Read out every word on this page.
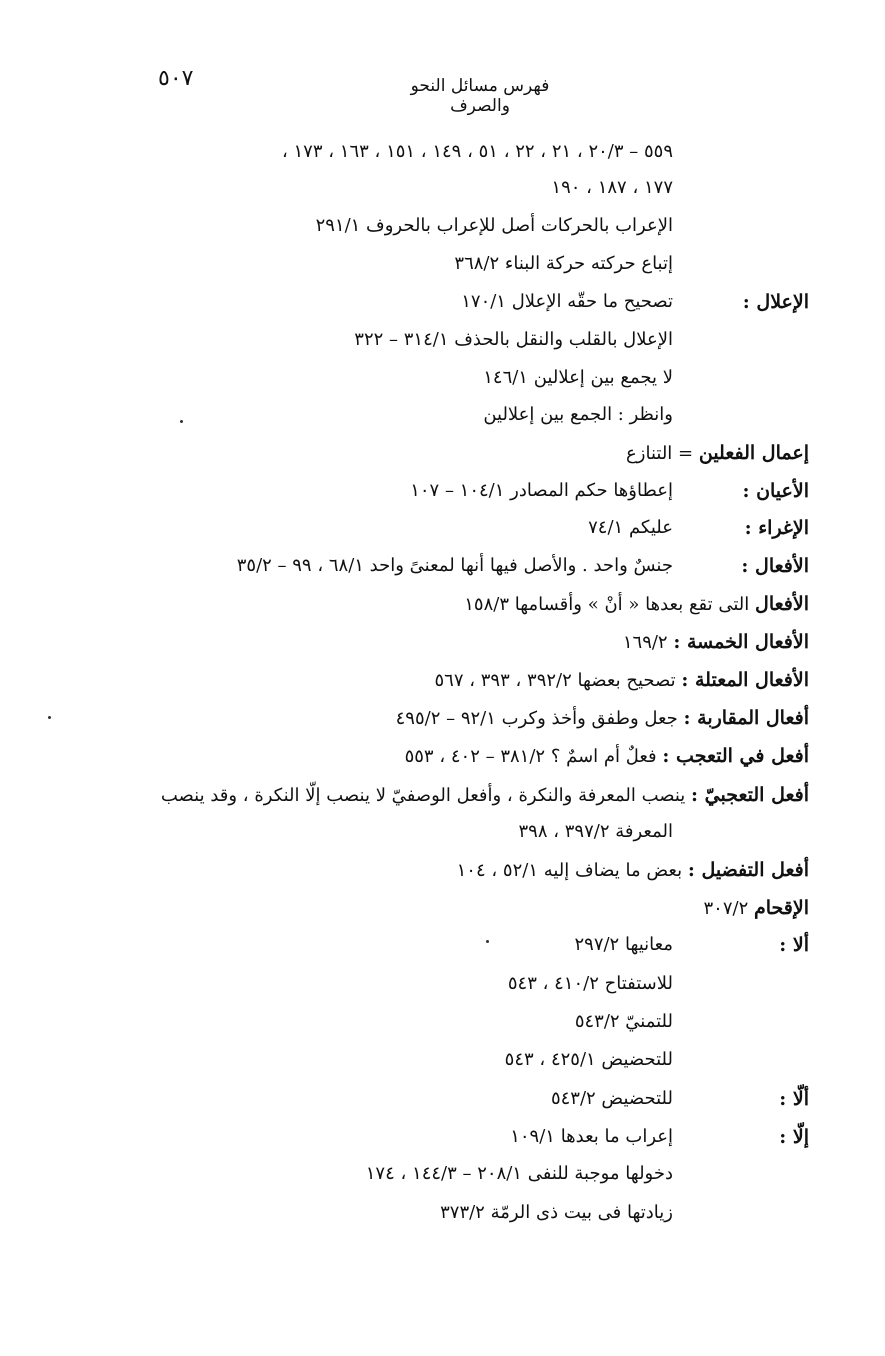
٥٠٧	فهرس مسائل النحو والصرف
٥٥٩ – ٢٠/٣ ، ٢١ ، ٢٢ ، ٥١ ، ١٤٩ ، ١٥١ ، ١٦٣ ، ١٧٣ ،
١٧٧ ، ١٨٧ ، ١٩٠
الإعراب بالحركات أصل للإعراب بالحروف ٢٩١/١
إتباع حركته حركة البناء ٣٦٨/٢
الإعلال :
تصحيح ما حقّه الإعلال ١٧٠/١
الإعلال بالقلب والنقل بالحذف ٣١٤/١ – ٣٢٢
لا يجمع بين إعلالين ١٤٦/١
وانظر : الجمع بين إعلالين
إعمال الفعلين = التنازع
الأعيان :
إعطاؤها حكم المصادر ١٠٤/١ – ١٠٧
الإغراء :
عليكم ٧٤/١
الأفعال :
جنسٌ واحد . والأصل فيها أنها لمعنىً واحد ٦٨/١ ، ٩٩ – ٣٥/٢
الأفعال التى تقع بعدها « أنْ » وأقسامها ١٥٨/٣
الأفعال الخمسة : ١٦٩/٢
الأفعال المعتلة : تصحيح بعضها ٣٩٢/٢ ، ٣٩٣ ، ٥٦٧
أفعال المقاربة : جعل وطفق وأخذ وكرب ٩٢/١ – ٤٩٥/٢
أفعل في التعجب : فعلٌ أم اسمٌ ؟ ٣٨١/٢ – ٤٠٢ ، ٥٥٣
أفعل التعجبيّ : ينصب المعرفة والنكرة ، وأفعل الوصفيّ لا ينصب إلّا النكرة ، وقد ينصب
المعرفة ٣٩٧/٢ ، ٣٩٨
أفعل التفضيل : بعض ما يضاف إليه ٥٢/١ ، ١٠٤
الإقحام ٣٠٧/٢
ألا :
معانيها ٢٩٧/٢
للاستفتاح ٤١٠/٢ ، ٥٤٣
للتمنيّ ٥٤٣/٢
للتحضيض ٤٢٥/١ ، ٥٤٣
ألّا :
للتحضيض ٥٤٣/٢
إلّا :
إعراب ما بعدها ١٠٩/١
دخولها موجبة للنفى ٢٠٨/١ – ١٤٤/٣ ، ١٧٤
زيادتها فى بيت ذى الرمّة ٣٧٣/٢
